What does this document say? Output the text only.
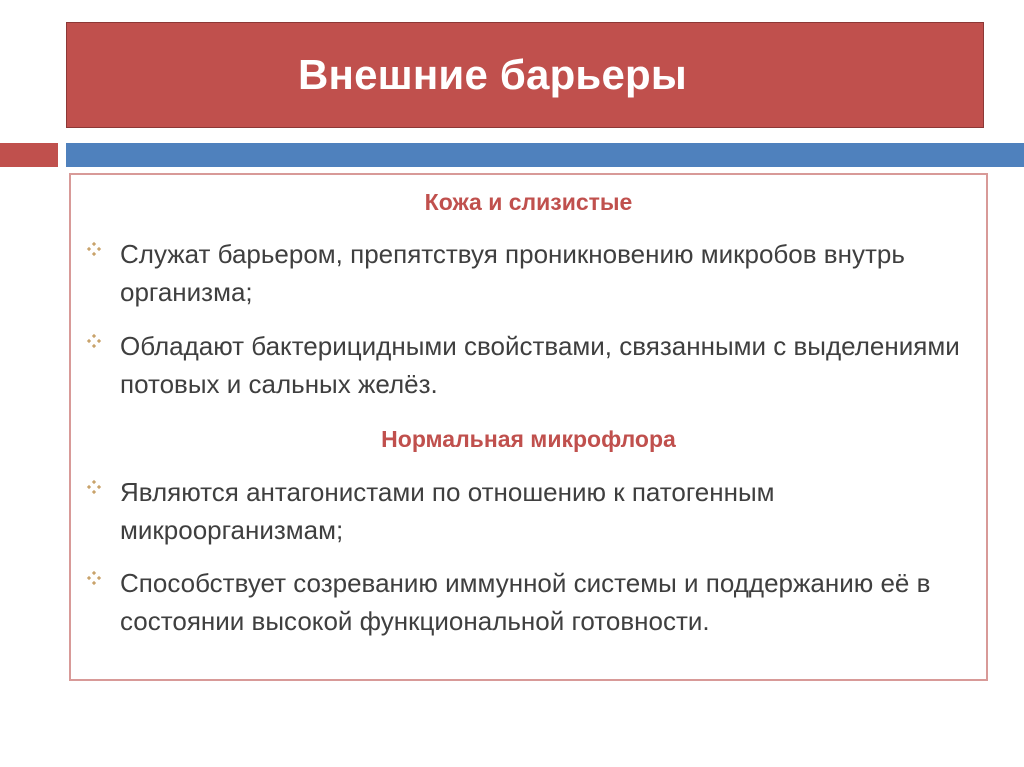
Внешние барьеры
Кожа и слизистые
Служат барьером, препятствуя проникновению микробов внутрь организма;
Обладают бактерицидными свойствами, связанными с выделениями потовых и сальных желёз.
Нормальная микрофлора
Являются антагонистами по отношению к патогенным микроорганизмам;
Способствует созреванию иммунной системы и поддержанию её в состоянии высокой функциональной готовности.
